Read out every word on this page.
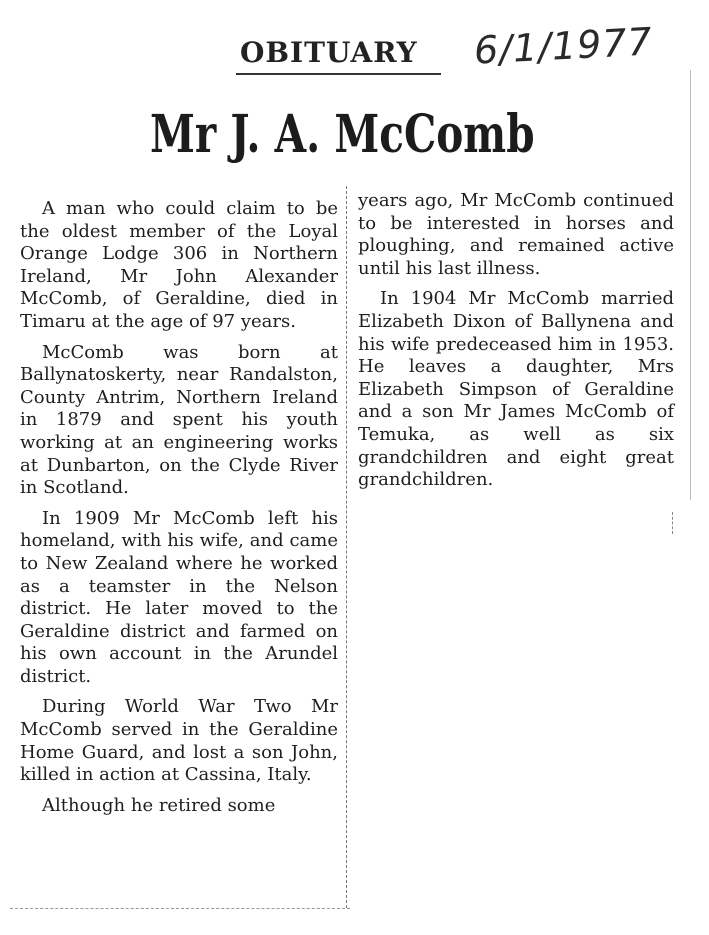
OBITUARY 6/1/1977
Mr J. A. McComb

A man who could claim to be the oldest member of the Loyal Orange Lodge 306 in Northern Ireland, Mr John Alexander McComb, of Geraldine, died in Timaru at the age of 97 years.

McComb was born at Ballynatoskerty, near Randalston, County Antrim, Northern Ireland in 1879 and spent his youth working at an engineering works at Dunbarton, on the Clyde River in Scotland.

In 1909 Mr McComb left his homeland, with his wife, and came to New Zealand where he worked as a teamster in the Nelson district. He later moved to the Geraldine district and farmed on his own account in the Arundel district.

During World War Two Mr McComb served in the Geraldine Home Guard, and lost a son John, killed in action at Cassina, Italy.

Although he retired some

years ago, Mr McComb continued to be interested in horses and ploughing, and remained active until his last illness.

In 1904 Mr McComb married Elizabeth Dixon of Ballynena and his wife predeceased him in 1953. He leaves a daughter, Mrs Elizabeth Simpson of Geraldine and a son Mr James McComb of Temuka, as well as six grandchildren and eight great grandchildren.
